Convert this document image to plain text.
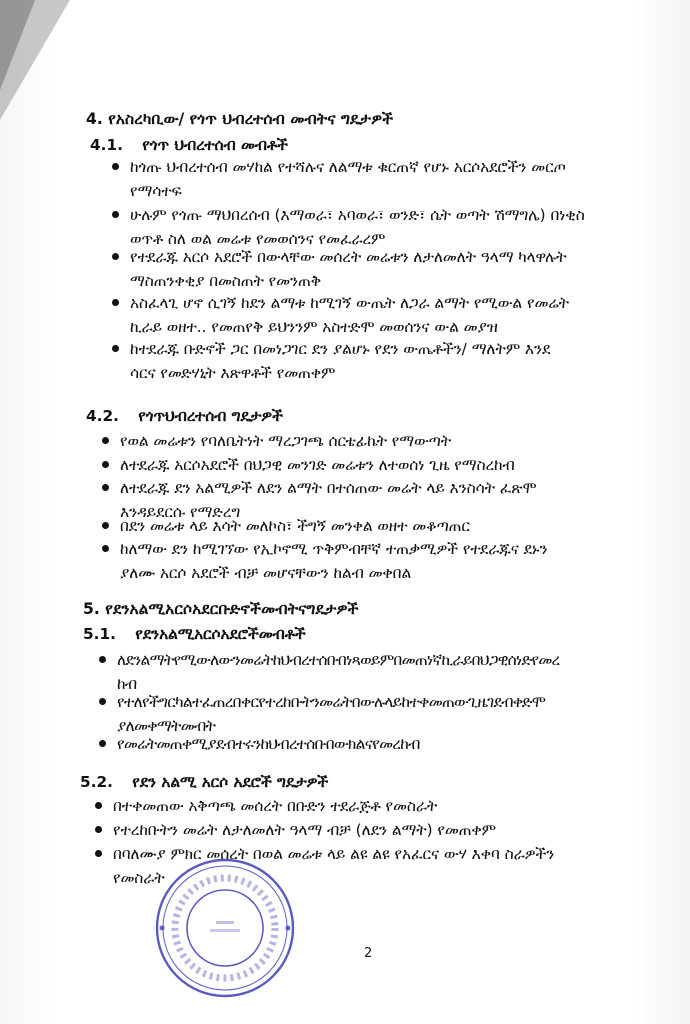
4. የአስረካቢው/ የጎጥ ህብረተሰብ መብትና ግዴታዎች
4.1. የጎጥ ህብረተሰብ መብቶች
ከጎጡ ህብረተሰብ መሃከል የተሻሉና ለልማቱ ቁርጠኛ የሆኑ አርሶአደሮችን መርጦ
የማሳተፍ
ሁሉም የጎጡ ማህበረሰብ (እማወራ፣ አባወራ፣ ወንድ፣ ሴት ወጣት ሽማግሌ) በነቂስ
ወጥቶ ስለ ወል መሬቱ የመወሰንና የመፈራረም
የተደራጁ አርሶ አደሮች በውላቸው መሰረት መሬቱን ለታለመለት ዓላማ ካላዋሉት
ማስጠንቀቂያ በመስጠት የመንጠቅ
አስፈላጊ ሆኖ ሲገኝ ከደን ልማቱ ከሚገኝ ውጤት ለጋራ ልማት የሚውል የመሬት
ኪራይ ወዘተ.. የመጠየቅ ይህንንም አስተድሞ መወሰንና ውል መያዝ
ከተደራጁ ቡድኖች ጋር በመነጋገር ደን ያልሆኑ የደን ውጤቶችን/ ማለትም እንደ
ሳርና የመድሃኒት እጽዋቶች የመጠቀም
4.2. የጎጥህብረተሰብ ግዴታዎች
የወል መሬቱን የባለቤትነት ማረጋገጫ ሰርቴፊኬት የማውጣት
ለተደራጁ አርሶአደሮች በህጋዊ መንገድ መሬቱን ለተወሰነ ጊዜ የማስረከብ
ለተደራጁ ደን አልሚዎች ለደን ልማት በተሰጠው መሬት ላይ እንስሳት ፈጽሞ
እንዳይደርሱ የማድረግ
በደን መሬቱ ላይ እሳት መለኮስ፣ ችግኝ መንቀል ወዘተ መቆጣጠር
ከለማው ደን ከሚገኘው የኢኮኖሚ ጥቅምብቸኛ ተጠቃሚዎች የተደራጁና ደኑን
ያለሙ አርሶ አደሮች ብቻ መሆናቸውን ከልብ መቀበል
5. የደንአልሚአርሶአደርቡድኖችመብትናግዴታዎች
5.1. የደንአልሚአርሶአደሮችመብቶች
ለደንልማትየሚውለውንመሬትከህብረተሰቡበነጻወይምበመጠነኛኪራይበህጋዊሰነድየመረ
ከብ
የተለየችግርካልተፈጠረበቀርየተረከቡትንመሬትበውሉላይከተቀመጠውጊዜገደብቀድሞ
ያለመቀማትመብት
የመሬትመጠቀሚያደብተሩንከህብረተሰቡበውክልናየመረከብ
5.2. የደን አልሚ አርሶ አደሮች ግዴታዎች
በተቀመጠው አቅጣጫ መሰረት በቡድን ተደራጅቶ የመስራት
የተረከቡትን መሬት ለታለመለት ዓላማ ብቻ (ለደን ልማት) የመጠቀም
በባለሙያ ምክር መሰረት በወል መሬቱ ላይ ልዩ ልዩ የአፈርና ውሃ እቀባ ስራዎችን
የመስራት
2
